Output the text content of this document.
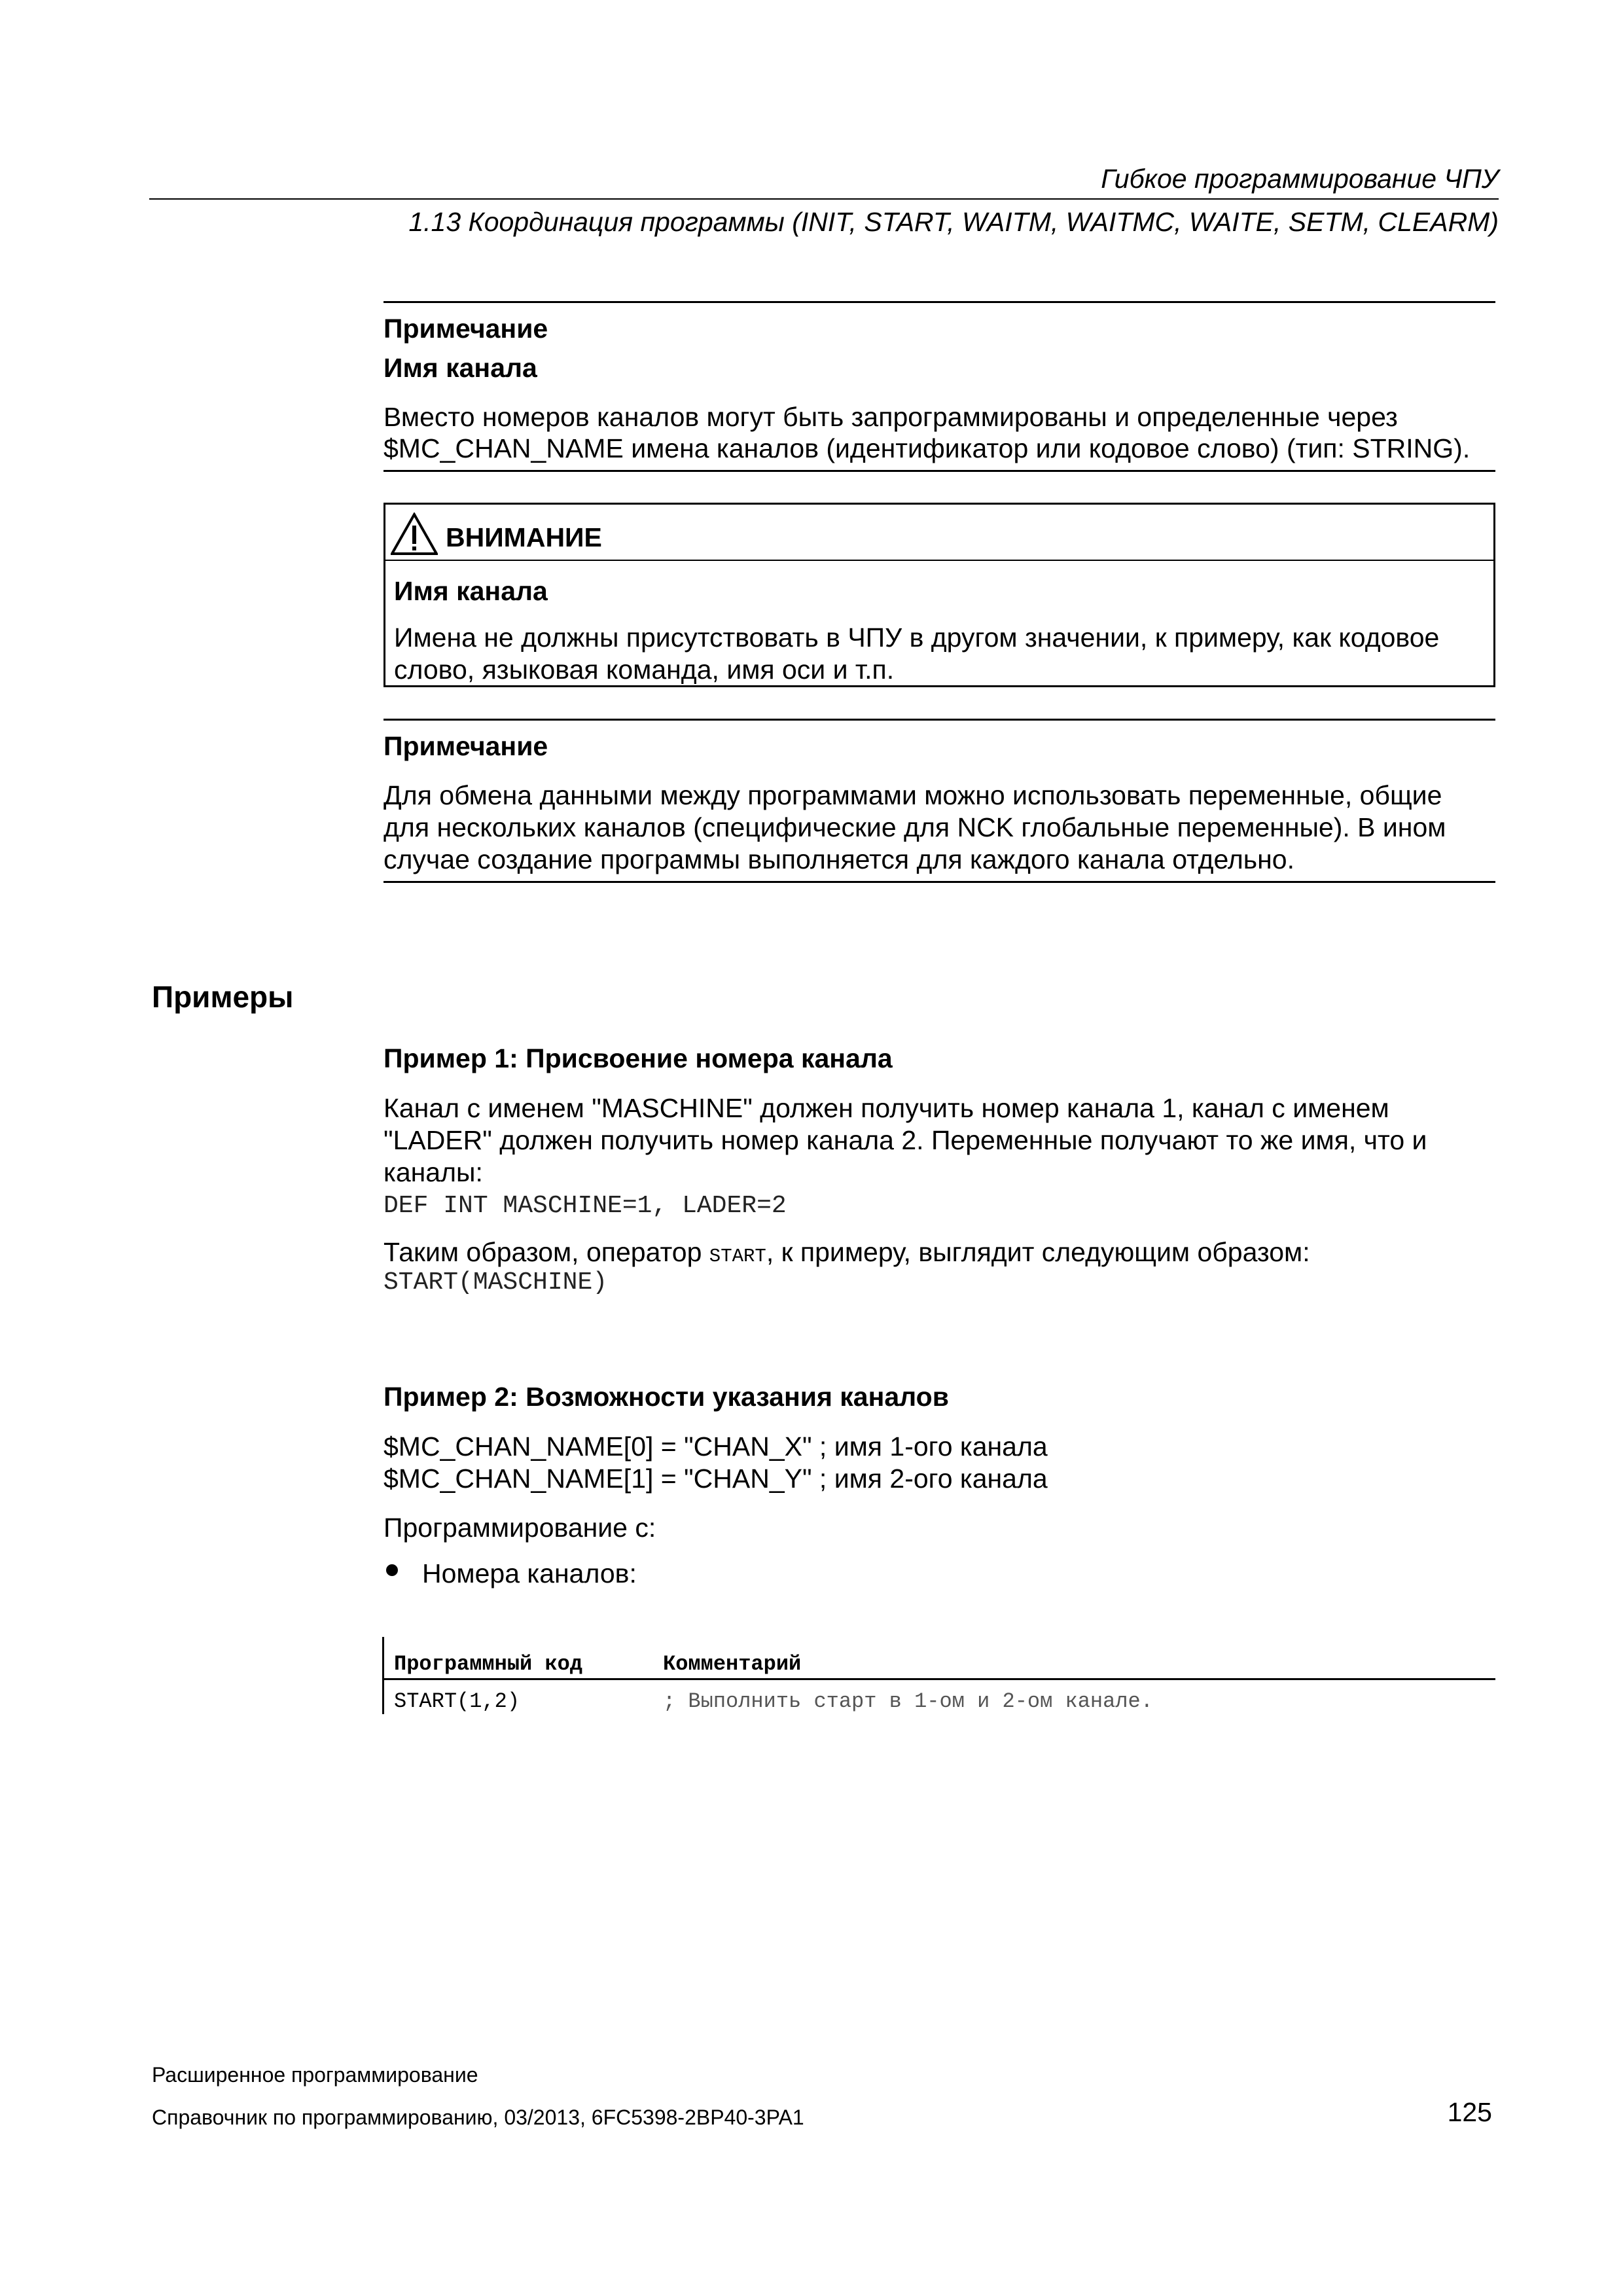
Гибкое программирование ЧПУ
1.13 Координация программы (INIT, START, WAITM, WAITMC, WAITE, SETM, CLEARM)
Примечание
Имя канала
Вместо номеров каналов могут быть запрограммированы и определенные через
$MC_CHAN_NAME имена каналов (идентификатор или кодовое слово) (тип: STRING).
ВНИМАНИЕ
Имя канала
Имена не должны присутствовать в ЧПУ в другом значении, к примеру, как кодовое
слово, языковая команда, имя оси и т.п.
Примечание
Для обмена данными между программами можно использовать переменные, общие
для нескольких каналов (специфические для NCK глобальные переменные). В ином
случае создание программы выполняется для каждого канала отдельно.
Примеры
Пример 1: Присвоение номера канала
Канал с именем "MASCHINE" должен получить номер канала 1, канал с именем
"LADER" должен получить номер канала 2. Переменные получают то же имя, что и
каналы:
DEF INT MASCHINE=1, LADER=2
Таким образом, оператор START, к примеру, выглядит следующим образом:
START(MASCHINE)
Пример 2: Возможности указания каналов
$MC_CHAN_NAME[0] = "CHAN_X" ; имя 1-ого канала
$MC_CHAN_NAME[1] = "CHAN_Y" ; имя 2-ого канала
Программирование с:
Номера каналов:
Программный код	Комментарий
START(1,2)	; Выполнить старт в 1-ом и 2-ом канале.
Расширенное программирование
Справочник по программированию, 03/2013, 6FC5398-2BP40-3PA1	125
